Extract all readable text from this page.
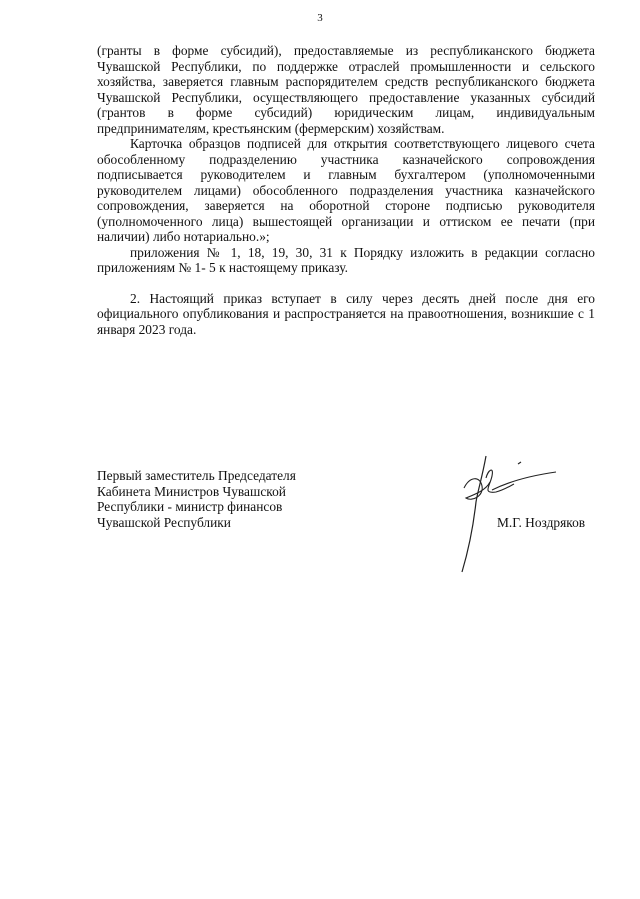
3

(гранты в форме субсидий), предоставляемые из республиканского бюджета Чувашской Республики, по поддержке отраслей промышленности и сельского хозяйства, заверяется главным распорядителем средств республиканского бюджета Чувашской Республики, осуществляющего предоставление указанных субсидий (грантов в форме субсидий) юридическим лицам, индивидуальным предпринимателям, крестьянским (фермерским) хозяйствам.

Карточка образцов подписей для открытия соответствующего лицевого счета обособленному подразделению участника казначейского сопровождения подписывается руководителем и главным бухгалтером (уполномоченными руководителем лицами) обособленного подразделения участника казначейского сопровождения, заверяется на оборотной стороне подписью руководителя (уполномоченного лица) вышестоящей организации и оттиском ее печати (при наличии) либо нотариально.»;

приложения № 1, 18, 19, 30, 31 к Порядку изложить в редакции согласно приложениям № 1- 5 к настоящему приказу.

2. Настоящий приказ вступает в силу через десять дней после дня его официального опубликования и распространяется на правоотношения, возникшие с 1 января 2023 года.

Первый заместитель Председателя
Кабинета Министров Чувашской
Республики - министр финансов
Чувашской Республики	М.Г. Ноздряков
